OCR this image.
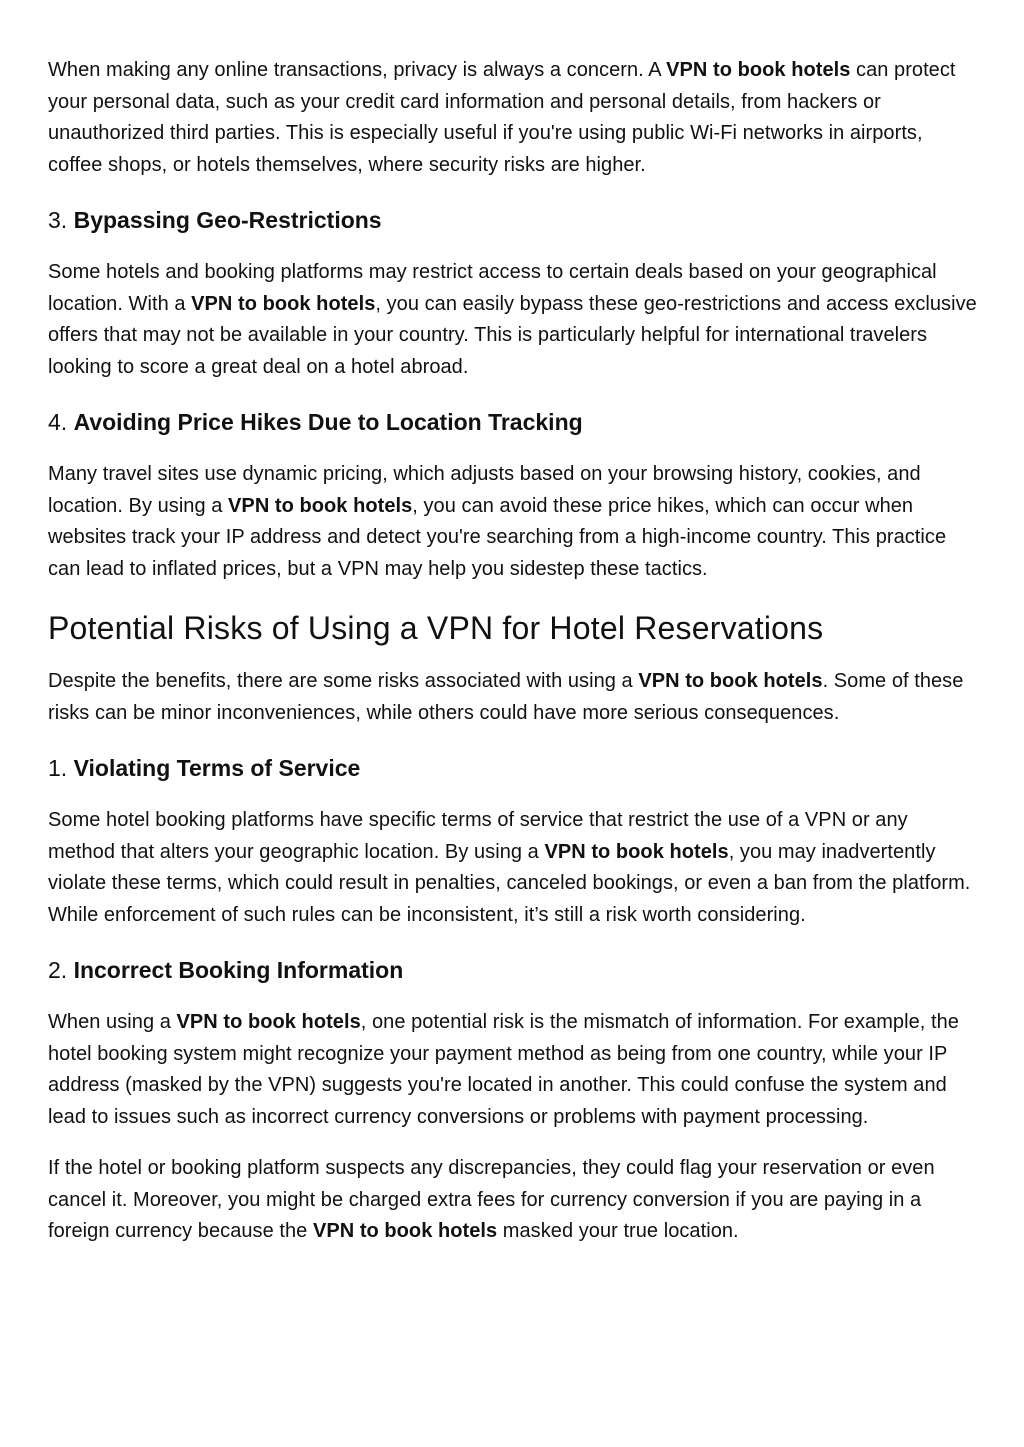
When making any online transactions, privacy is always a concern. A VPN to book hotels can protect your personal data, such as your credit card information and personal details, from hackers or unauthorized third parties. This is especially useful if you're using public Wi-Fi networks in airports, coffee shops, or hotels themselves, where security risks are higher.

3. Bypassing Geo-Restrictions

Some hotels and booking platforms may restrict access to certain deals based on your geographical location. With a VPN to book hotels, you can easily bypass these geo-restrictions and access exclusive offers that may not be available in your country. This is particularly helpful for international travelers looking to score a great deal on a hotel abroad.

4. Avoiding Price Hikes Due to Location Tracking

Many travel sites use dynamic pricing, which adjusts based on your browsing history, cookies, and location. By using a VPN to book hotels, you can avoid these price hikes, which can occur when websites track your IP address and detect you're searching from a high-income country. This practice can lead to inflated prices, but a VPN may help you sidestep these tactics.

Potential Risks of Using a VPN for Hotel Reservations

Despite the benefits, there are some risks associated with using a VPN to book hotels. Some of these risks can be minor inconveniences, while others could have more serious consequences.

1. Violating Terms of Service

Some hotel booking platforms have specific terms of service that restrict the use of a VPN or any method that alters your geographic location. By using a VPN to book hotels, you may inadvertently violate these terms, which could result in penalties, canceled bookings, or even a ban from the platform. While enforcement of such rules can be inconsistent, it’s still a risk worth considering.

2. Incorrect Booking Information

When using a VPN to book hotels, one potential risk is the mismatch of information. For example, the hotel booking system might recognize your payment method as being from one country, while your IP address (masked by the VPN) suggests you're located in another. This could confuse the system and lead to issues such as incorrect currency conversions or problems with payment processing.

If the hotel or booking platform suspects any discrepancies, they could flag your reservation or even cancel it. Moreover, you might be charged extra fees for currency conversion if you are paying in a foreign currency because the VPN to book hotels masked your true location.
